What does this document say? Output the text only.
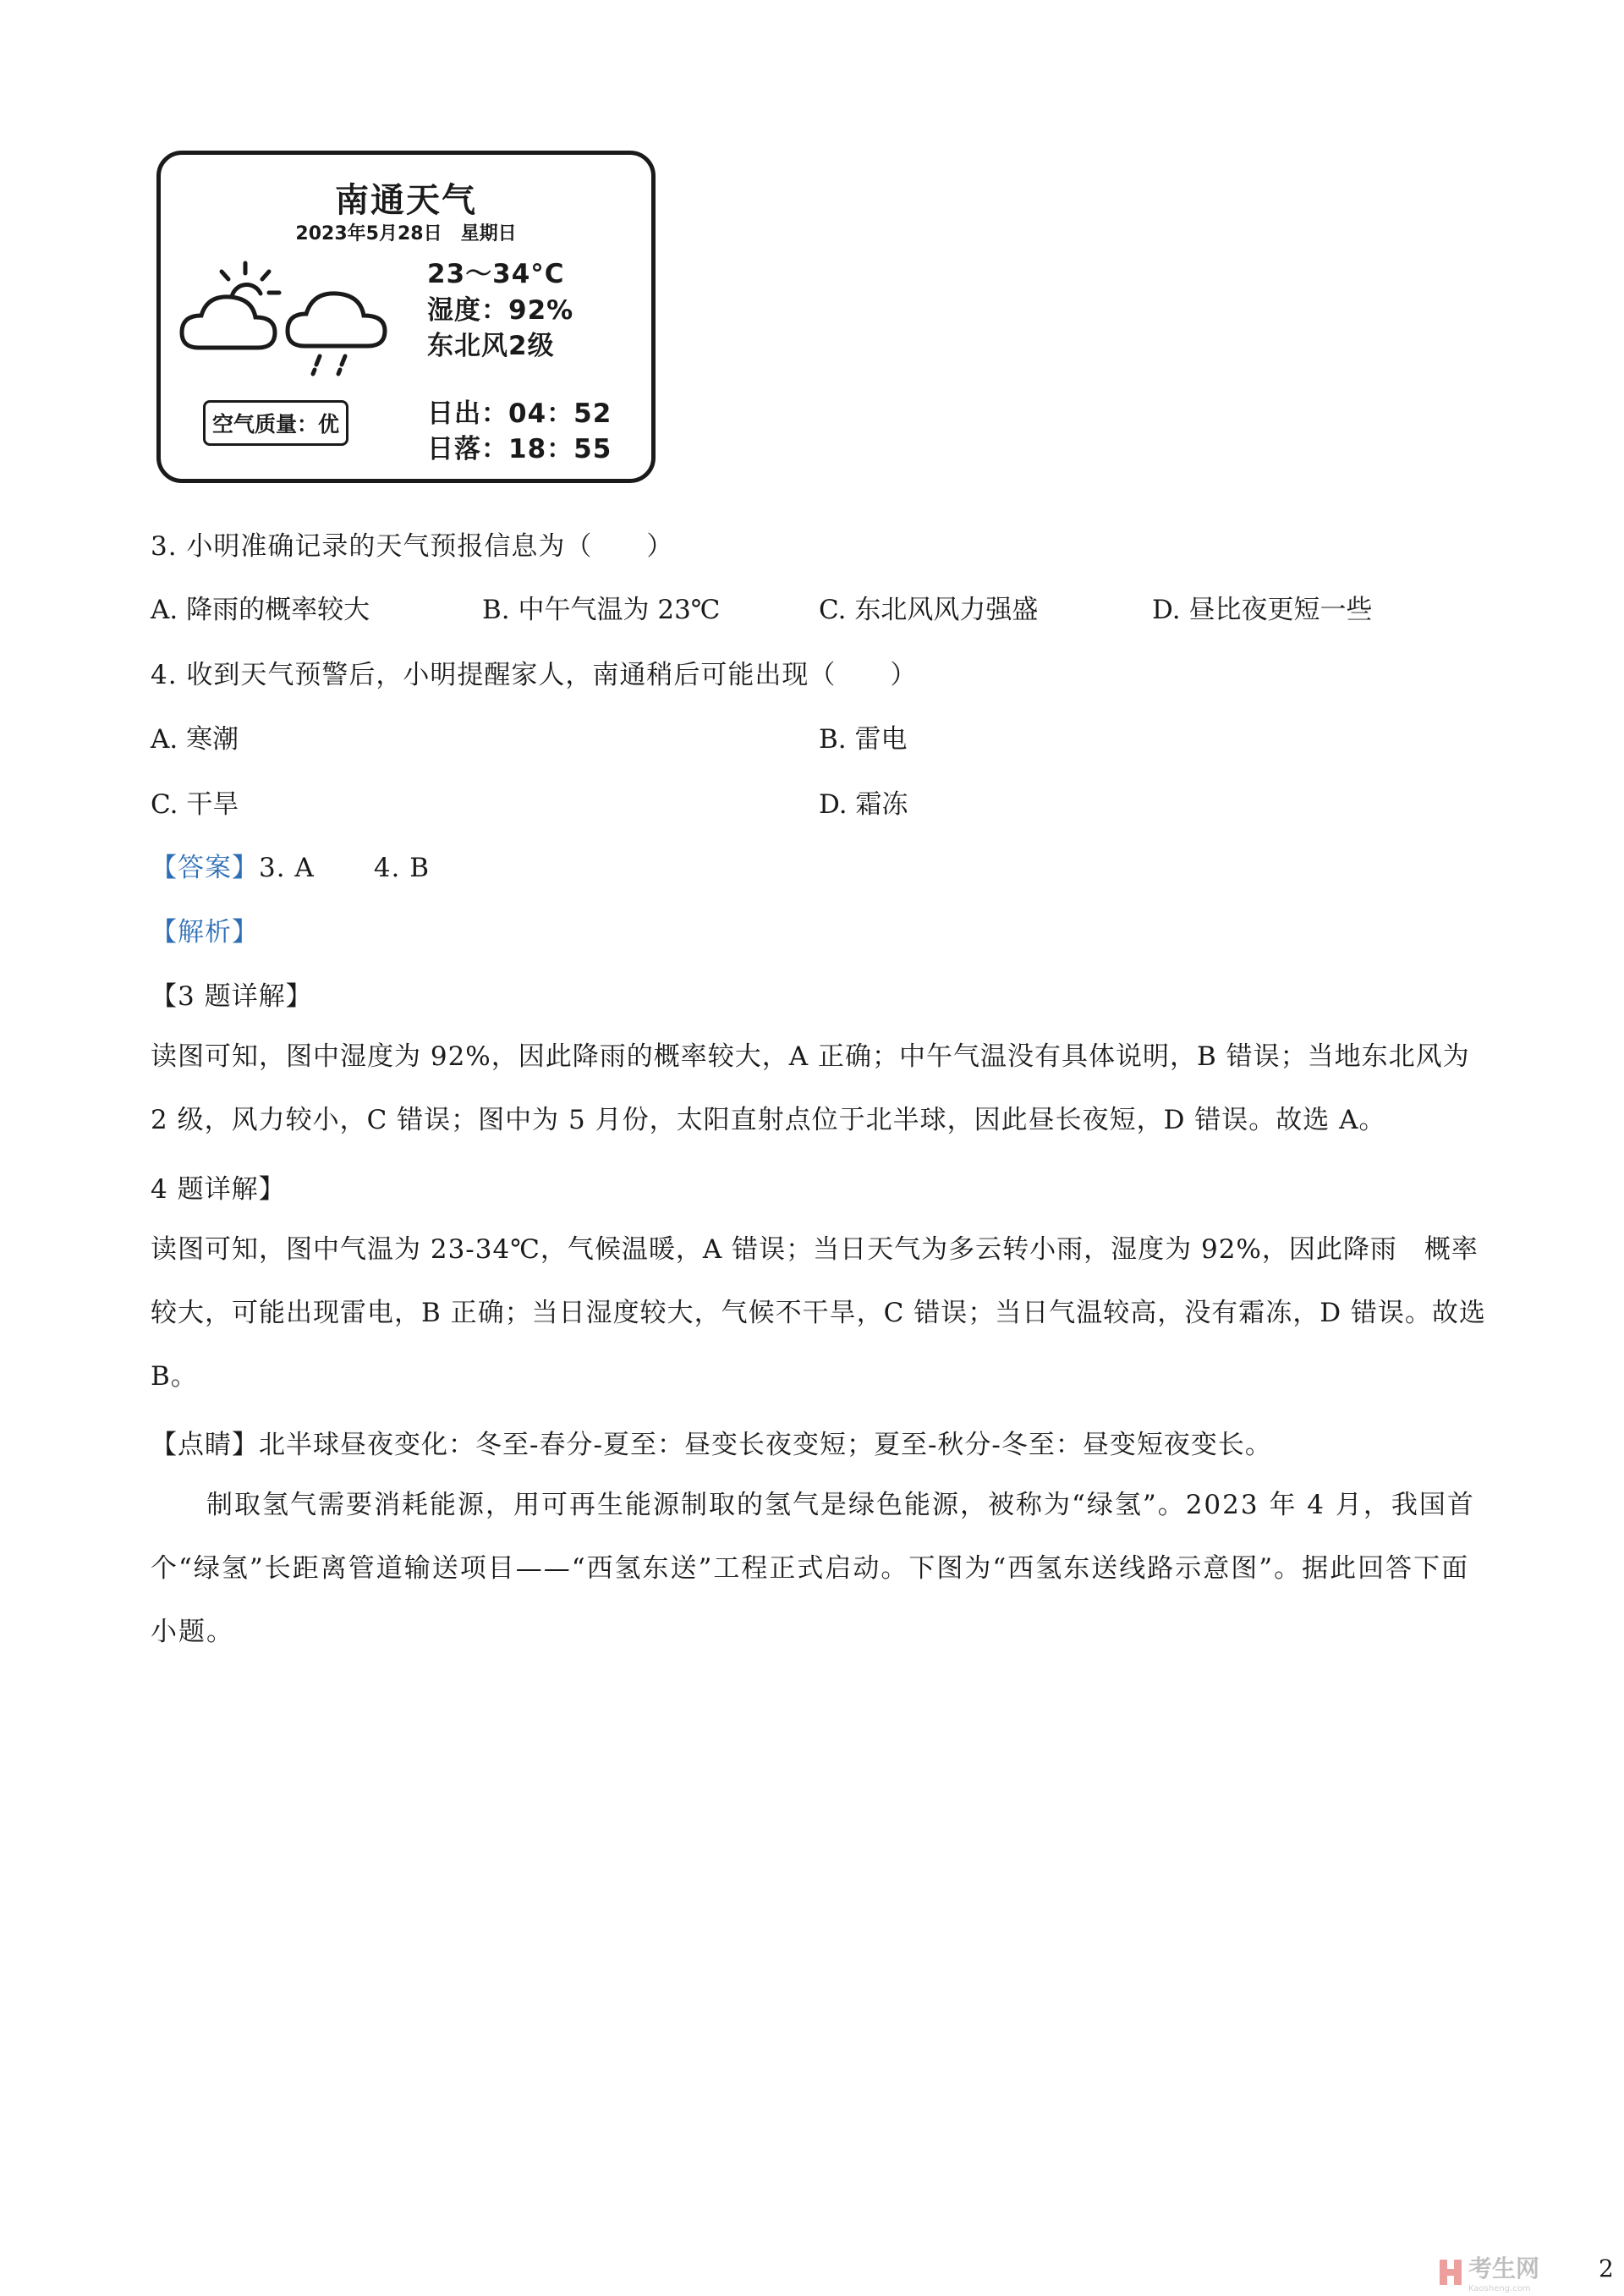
南通天气
2023年5月28日　星期日
23～34°C
湿度：92%
东北风2级
空气质量：优	日出：04：52
日落：18：55
3. 小明准确记录的天气预报信息为（　　）
A. 降雨的概率较大	B. 中午气温为 23℃	C. 东北风风力强盛	D. 昼比夜更短一些
4. 收到天气预警后，小明提醒家人，南通稍后可能出现（　　）
A. 寒潮	B. 雷电
C. 干旱	D. 霜冻
【答案】3. A 4. B
【解析】
【3 题详解】
读图可知，图中湿度为 92%，因此降雨的概率较大，A 正确；中午气温没有具体说明，B 错误；当地东北风为 2 级，风力较小，C 错误；图中为 5 月份，太阳直射点位于北半球，因此昼长夜短，D 错误。故选 A。
4 题详解】
读图可知，图中气温为 23-34℃，气候温暖，A 错误；当日天气为多云转小雨，湿度为 92%，因此降雨　概率较大，可能出现雷电，B 正确；当日湿度较大，气候不干旱，C 错误；当日气温较高，没有霜冻，D 错误。故选 B。
【点睛】北半球昼夜变化：冬至-春分-夏至：昼变长夜变短；夏至-秋分-冬至：昼变短夜变长。
　　制取氢气需要消耗能源，用可再生能源制取的氢气是绿色能源，被称为“绿氢”。2023 年 4 月，我国首个“绿氢”长距离管道输送项目——“西氢东送”工程正式启动。下图为“西氢东送线路示意图”。据此回答下面小题。
考生网
Kaosheng.com
2
